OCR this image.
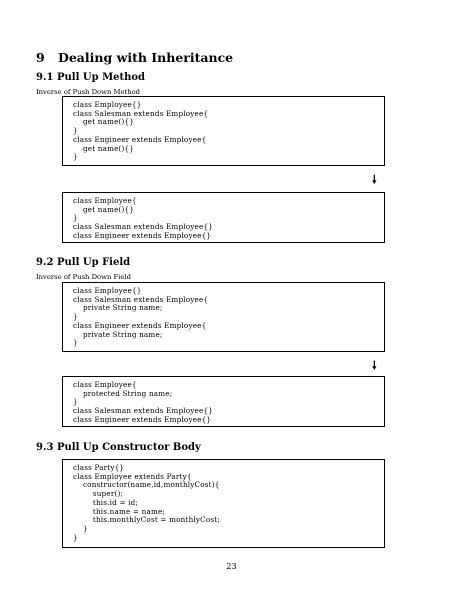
9 Dealing with Inheritance
9.1 Pull Up Method

Inverse of Push Down Method

class Employee{}
class Salesman extends Employee{
get name(){}
}
class Engineer extends Employee{
get name(){}
}
🠗
class Employee{
get name(){}
}
class Salesman extends Employee{}
class Engineer extends Employee{}
9.2 Pull Up Field

Inverse of Push Down Field

class Employee{}
class Salesman extends Employee{
private String name;
}
class Engineer extends Employee{
private String name;
}
🠗
class Employee{
protected String name;
}
class Salesman extends Employee{}
class Engineer extends Employee{}
9.3 Pull Up Constructor Body
class Party{}
class Employee extends Party{
constructor(name,id,monthlyCost){
super();
this.id = id;
this.name = name;
this.monthlyCost = monthlyCost;
}
}

23
